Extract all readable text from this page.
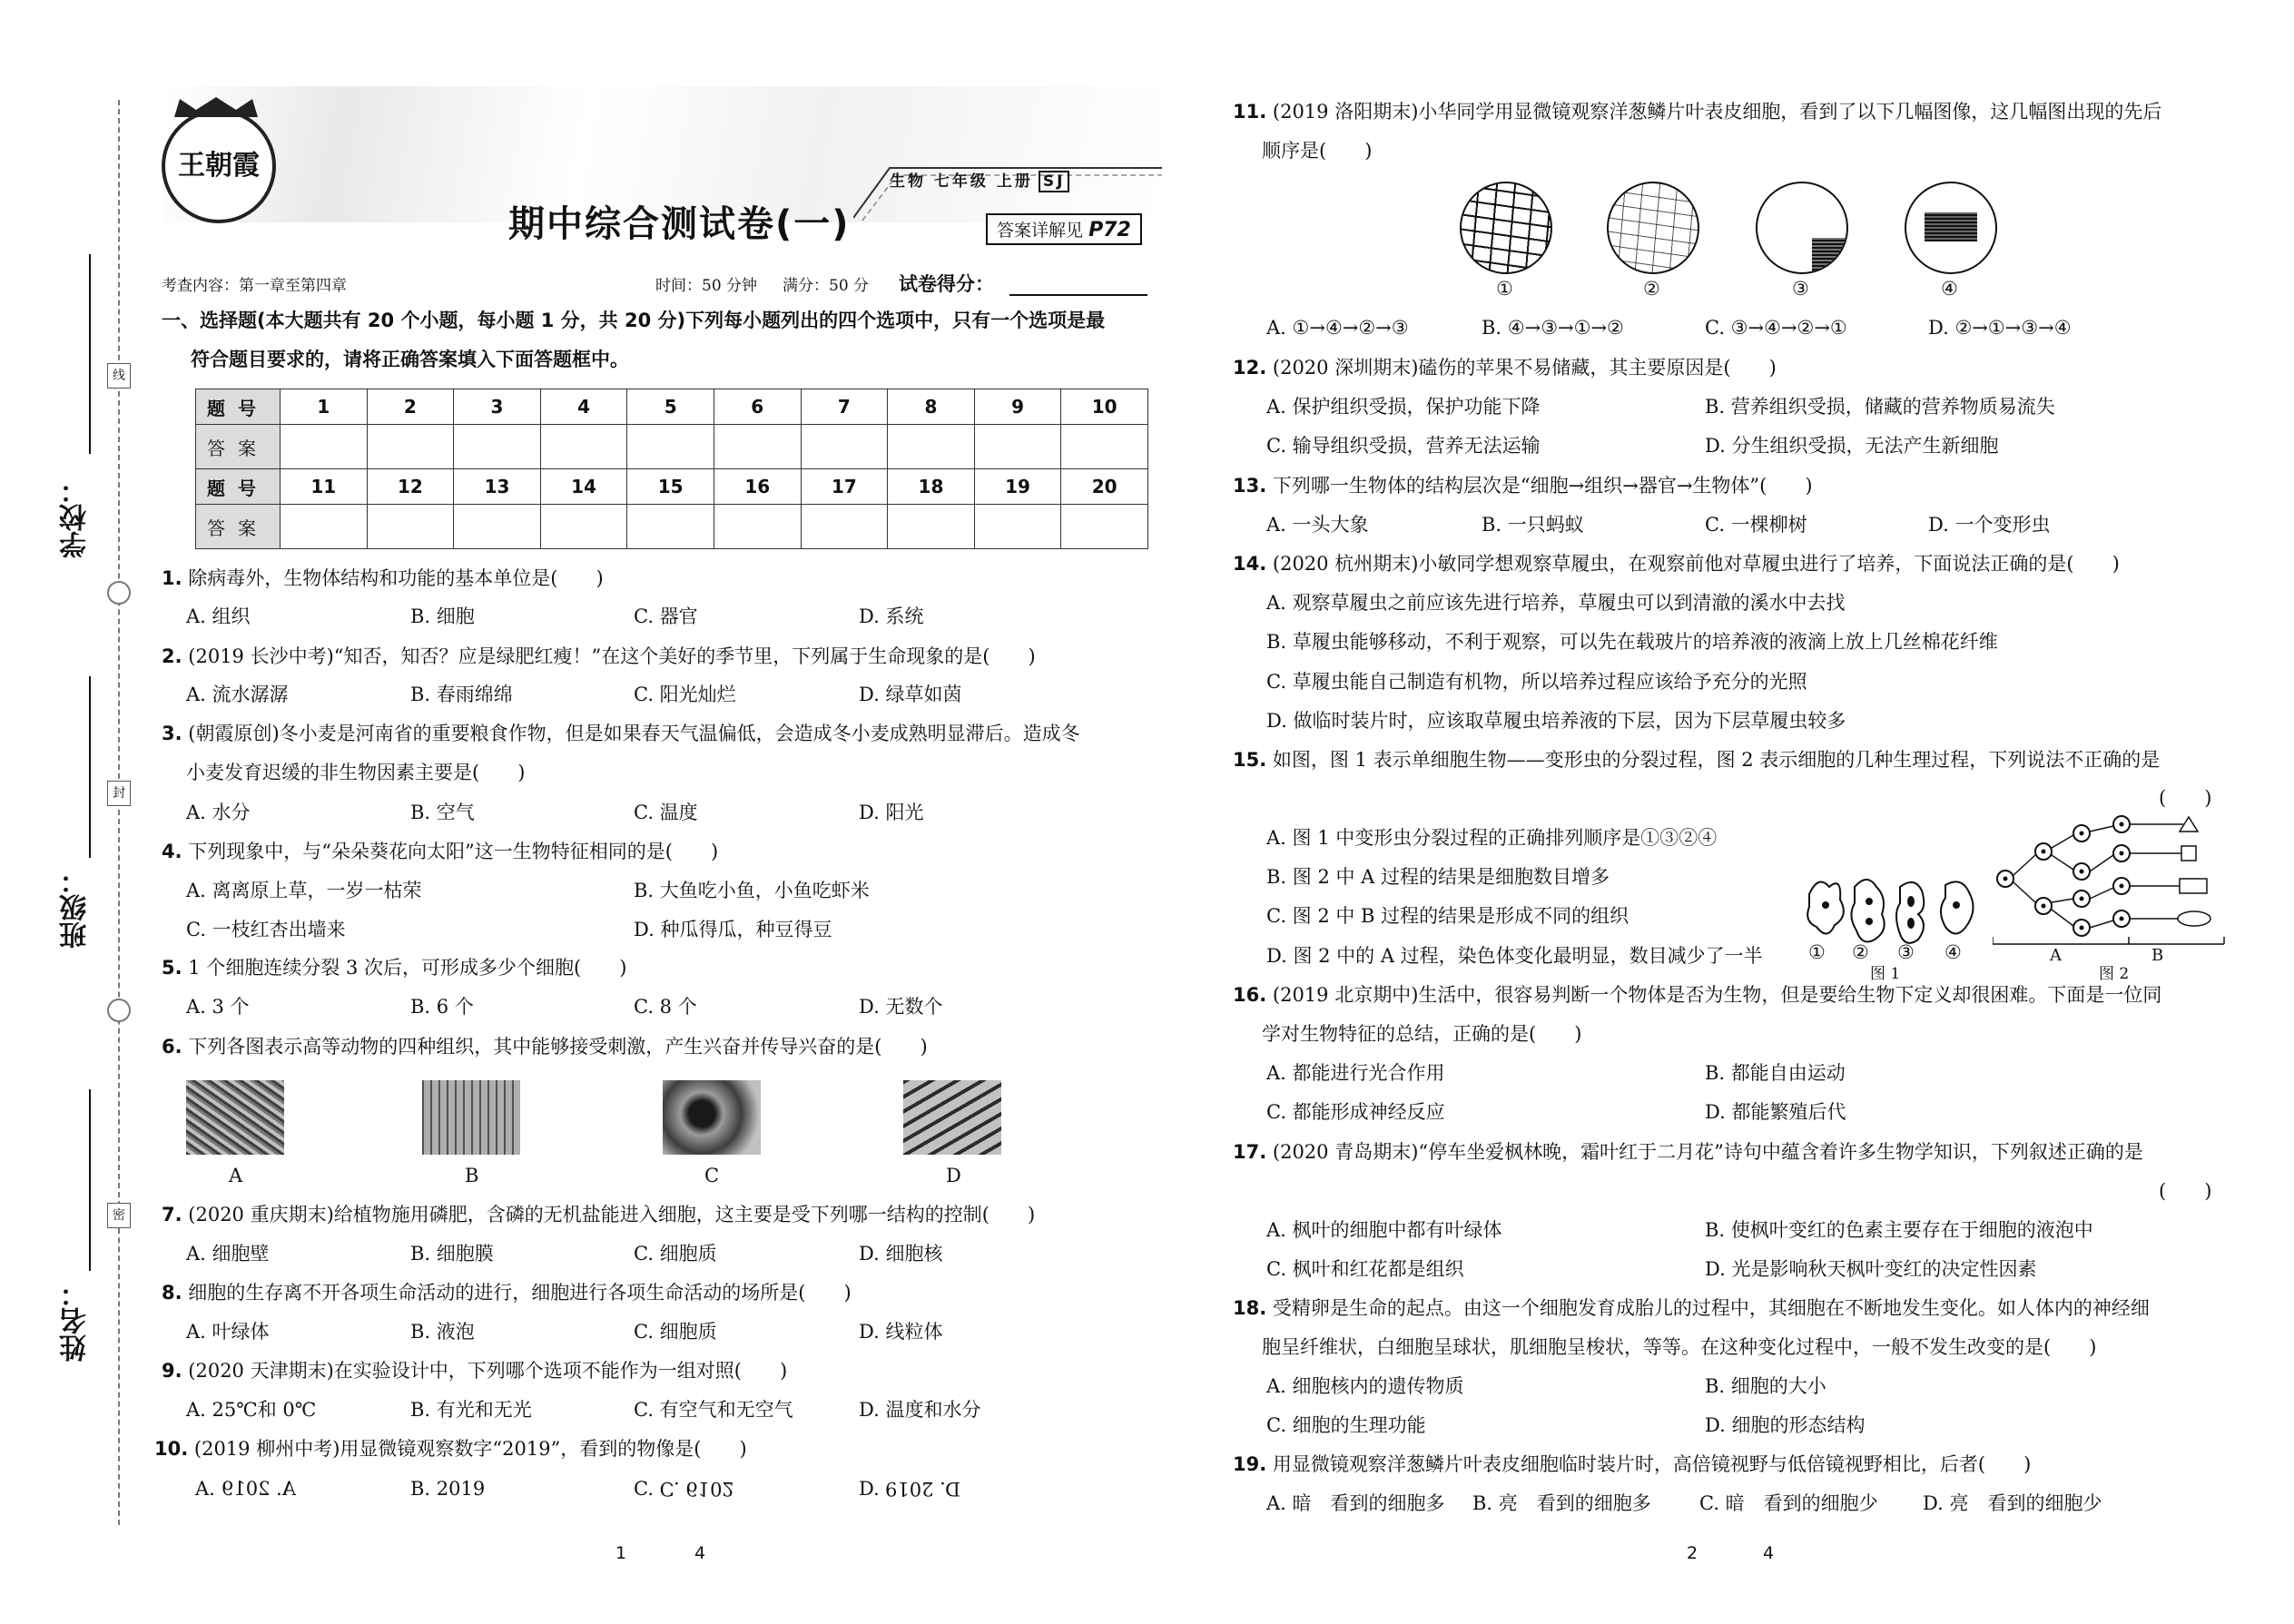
学校：
班级：
姓名：
线
封
密
王朝霞	生物 七年级 上册 SJ
期中综合测试卷(一)	答案详解见 P72
考查内容：第一章至第四章	时间：50 分钟 满分：50 分 试卷得分：
一、选择题(本大题共有 20 个小题，每小题 1 分，共 20 分)下列每小题列出的四个选项中，只有一个选项是最
符合题目要求的，请将正确答案填入下面答题框中。
题号	1	2	3	4	5	6	7	8	9	10
答案										
题号	11	12	13	14	15	16	17	18	19	20
答案										
1. 除病毒外，生物体结构和功能的基本单位是(　　)
A. 组织	B. 细胞	C. 器官	D. 系统
2. (2019 长沙中考)“知否，知否？应是绿肥红瘦！”在这个美好的季节里，下列属于生命现象的是(　　)
A. 流水潺潺	B. 春雨绵绵	C. 阳光灿烂	D. 绿草如茵
3. (朝霞原创)冬小麦是河南省的重要粮食作物，但是如果春天气温偏低，会造成冬小麦成熟明显滞后。造成冬
小麦发育迟缓的非生物因素主要是(　　)
A. 水分	B. 空气	C. 温度	D. 阳光
4. 下列现象中，与“朵朵葵花向太阳”这一生物特征相同的是(　　)
A. 离离原上草，一岁一枯荣	B. 大鱼吃小鱼，小鱼吃虾米
C. 一枝红杏出墙来	D. 种瓜得瓜，种豆得豆
5. 1 个细胞连续分裂 3 次后，可形成多少个细胞(　　)
A. 3 个	B. 6 个	C. 8 个	D. 无数个
6. 下列各图表示高等动物的四种组织，其中能够接受刺激，产生兴奋并传导兴奋的是(　　)
A	B	C	D
7. (2020 重庆期末)给植物施用磷肥，含磷的无机盐能进入细胞，这主要是受下列哪一结构的控制(　　)
A. 细胞壁	B. 细胞膜	C. 细胞质	D. 细胞核
8. 细胞的生存离不开各项生命活动的进行，细胞进行各项生命活动的场所是(　　)
A. 叶绿体	B. 液泡	C. 细胞质	D. 线粒体
9. (2020 天津期末)在实验设计中，下列哪个选项不能作为一组对照(　　)
A. 25℃和 0℃	B. 有光和无光	C. 有空气和无空气	D. 温度和水分
10. (2019 柳州中考)用显微镜观察数字“2019”，看到的物像是(　　)
A. A. 2019	B. 2019	C. C. 6102	D. D. 2019
1	4
11. (2019 洛阳期末)小华同学用显微镜观察洋葱鳞片叶表皮细胞，看到了以下几幅图像，这几幅图出现的先后
顺序是(　　)
①	②	③	④
A. ①→④→②→③	B. ④→③→①→②	C. ③→④→②→①	D. ②→①→③→④
12. (2020 深圳期末)磕伤的苹果不易储藏，其主要原因是(　　)
A. 保护组织受损，保护功能下降	B. 营养组织受损，储藏的营养物质易流失
C. 输导组织受损，营养无法运输	D. 分生组织受损，无法产生新细胞
13. 下列哪一生物体的结构层次是“细胞→组织→器官→生物体”(　　)
A. 一头大象	B. 一只蚂蚁	C. 一棵柳树	D. 一个变形虫
14. (2020 杭州期末)小敏同学想观察草履虫，在观察前他对草履虫进行了培养，下面说法正确的是(　　)
A. 观察草履虫之前应该先进行培养，草履虫可以到清澈的溪水中去找
B. 草履虫能够移动，不利于观察，可以先在载玻片的培养液的液滴上放上几丝棉花纤维
C. 草履虫能自己制造有机物，所以培养过程应该给予充分的光照
D. 做临时装片时，应该取草履虫培养液的下层，因为下层草履虫较多
15. 如图，图 1 表示单细胞生物——变形虫的分裂过程，图 2 表示细胞的几种生理过程，下列说法不正确的是
(　　)
A. 图 1 中变形虫分裂过程的正确排列顺序是①③②④
B. 图 2 中 A 过程的结果是细胞数目增多
C. 图 2 中 B 过程的结果是形成不同的组织
D. 图 2 中的 A 过程，染色体变化最明显，数目减少了一半 ① ② ③ ④
图 1
A	B
图 2
16. (2019 北京期中)生活中，很容易判断一个物体是否为生物，但是要给生物下定义却很困难。下面是一位同
学对生物特征的总结，正确的是(　　)
A. 都能进行光合作用	B. 都能自由运动
C. 都能形成神经反应	D. 都能繁殖后代
17. (2020 青岛期末)“停车坐爱枫林晚，霜叶红于二月花”诗句中蕴含着许多生物学知识，下列叙述正确的是
(　　)
A. 枫叶的细胞中都有叶绿体	B. 使枫叶变红的色素主要存在于细胞的液泡中
C. 枫叶和红花都是组织	D. 光是影响秋天枫叶变红的决定性因素
18. 受精卵是生命的起点。由这一个细胞发育成胎儿的过程中，其细胞在不断地发生变化。如人体内的神经细
胞呈纤维状，白细胞呈球状，肌细胞呈梭状，等等。在这种变化过程中，一般不发生改变的是(　　)
A. 细胞核内的遗传物质	B. 细胞的大小
C. 细胞的生理功能	D. 细胞的形态结构
19. 用显微镜观察洋葱鳞片叶表皮细胞临时装片时，高倍镜视野与低倍镜视野相比，后者(　　)
A. 暗　看到的细胞多 B. 亮　看到的细胞多	C. 暗　看到的细胞少 D. 亮　看到的细胞少
2	4
